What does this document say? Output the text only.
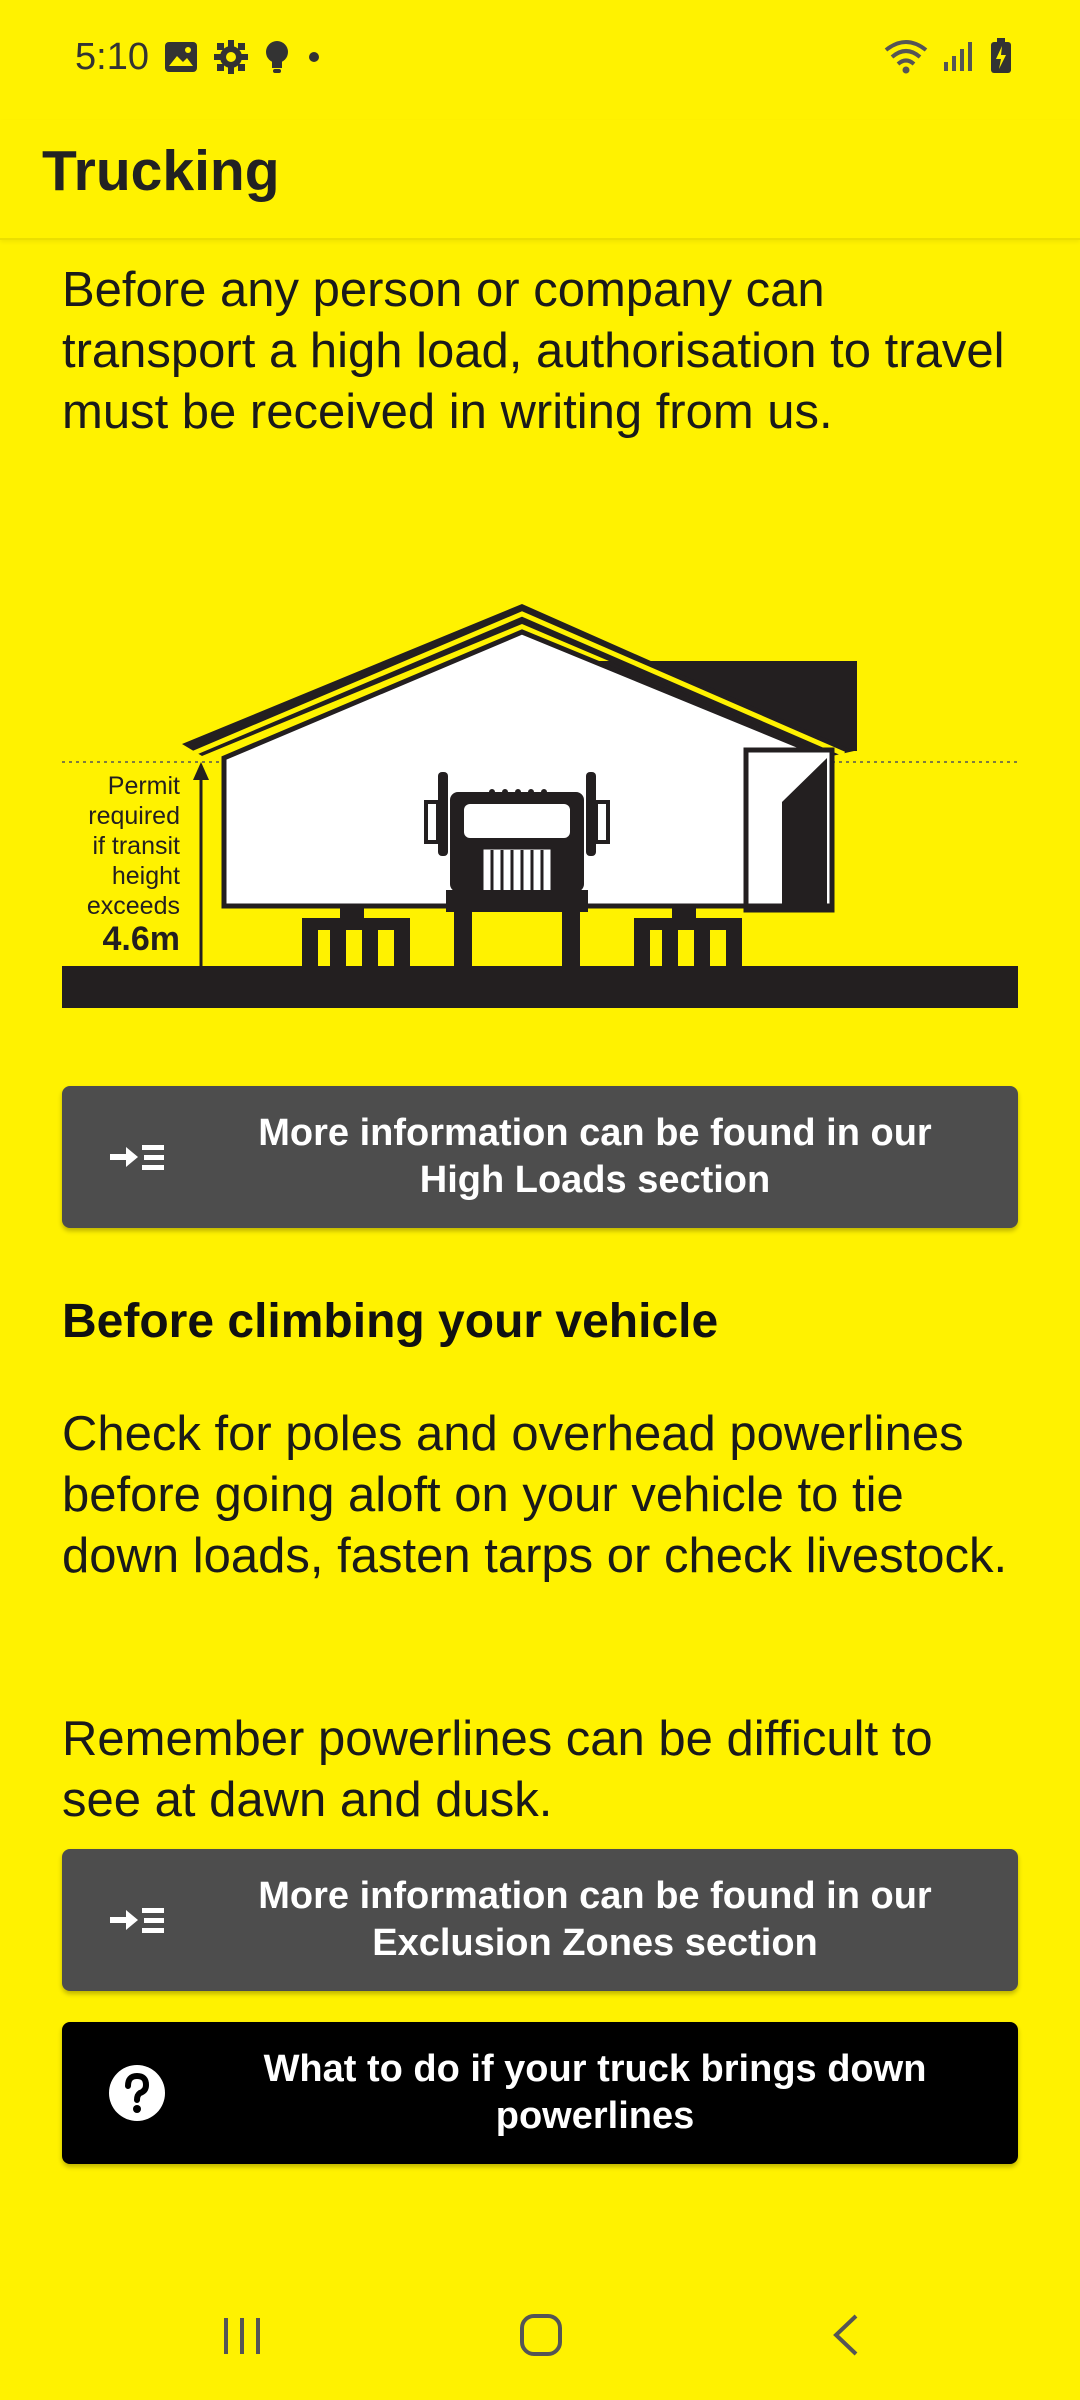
5:10
Trucking
Before any person or company can transport a high load, authorisation to travel must be received in writing from us.
Permit
required
if transit
height
exceeds
4.6m
More information can be found in our High Loads section
Before climbing your vehicle
Check for poles and overhead powerlines before going aloft on your vehicle to tie down loads, fasten tarps or check livestock.
Remember powerlines can be difficult to see at dawn and dusk.
More information can be found in our Exclusion Zones section
What to do if your truck brings down powerlines
